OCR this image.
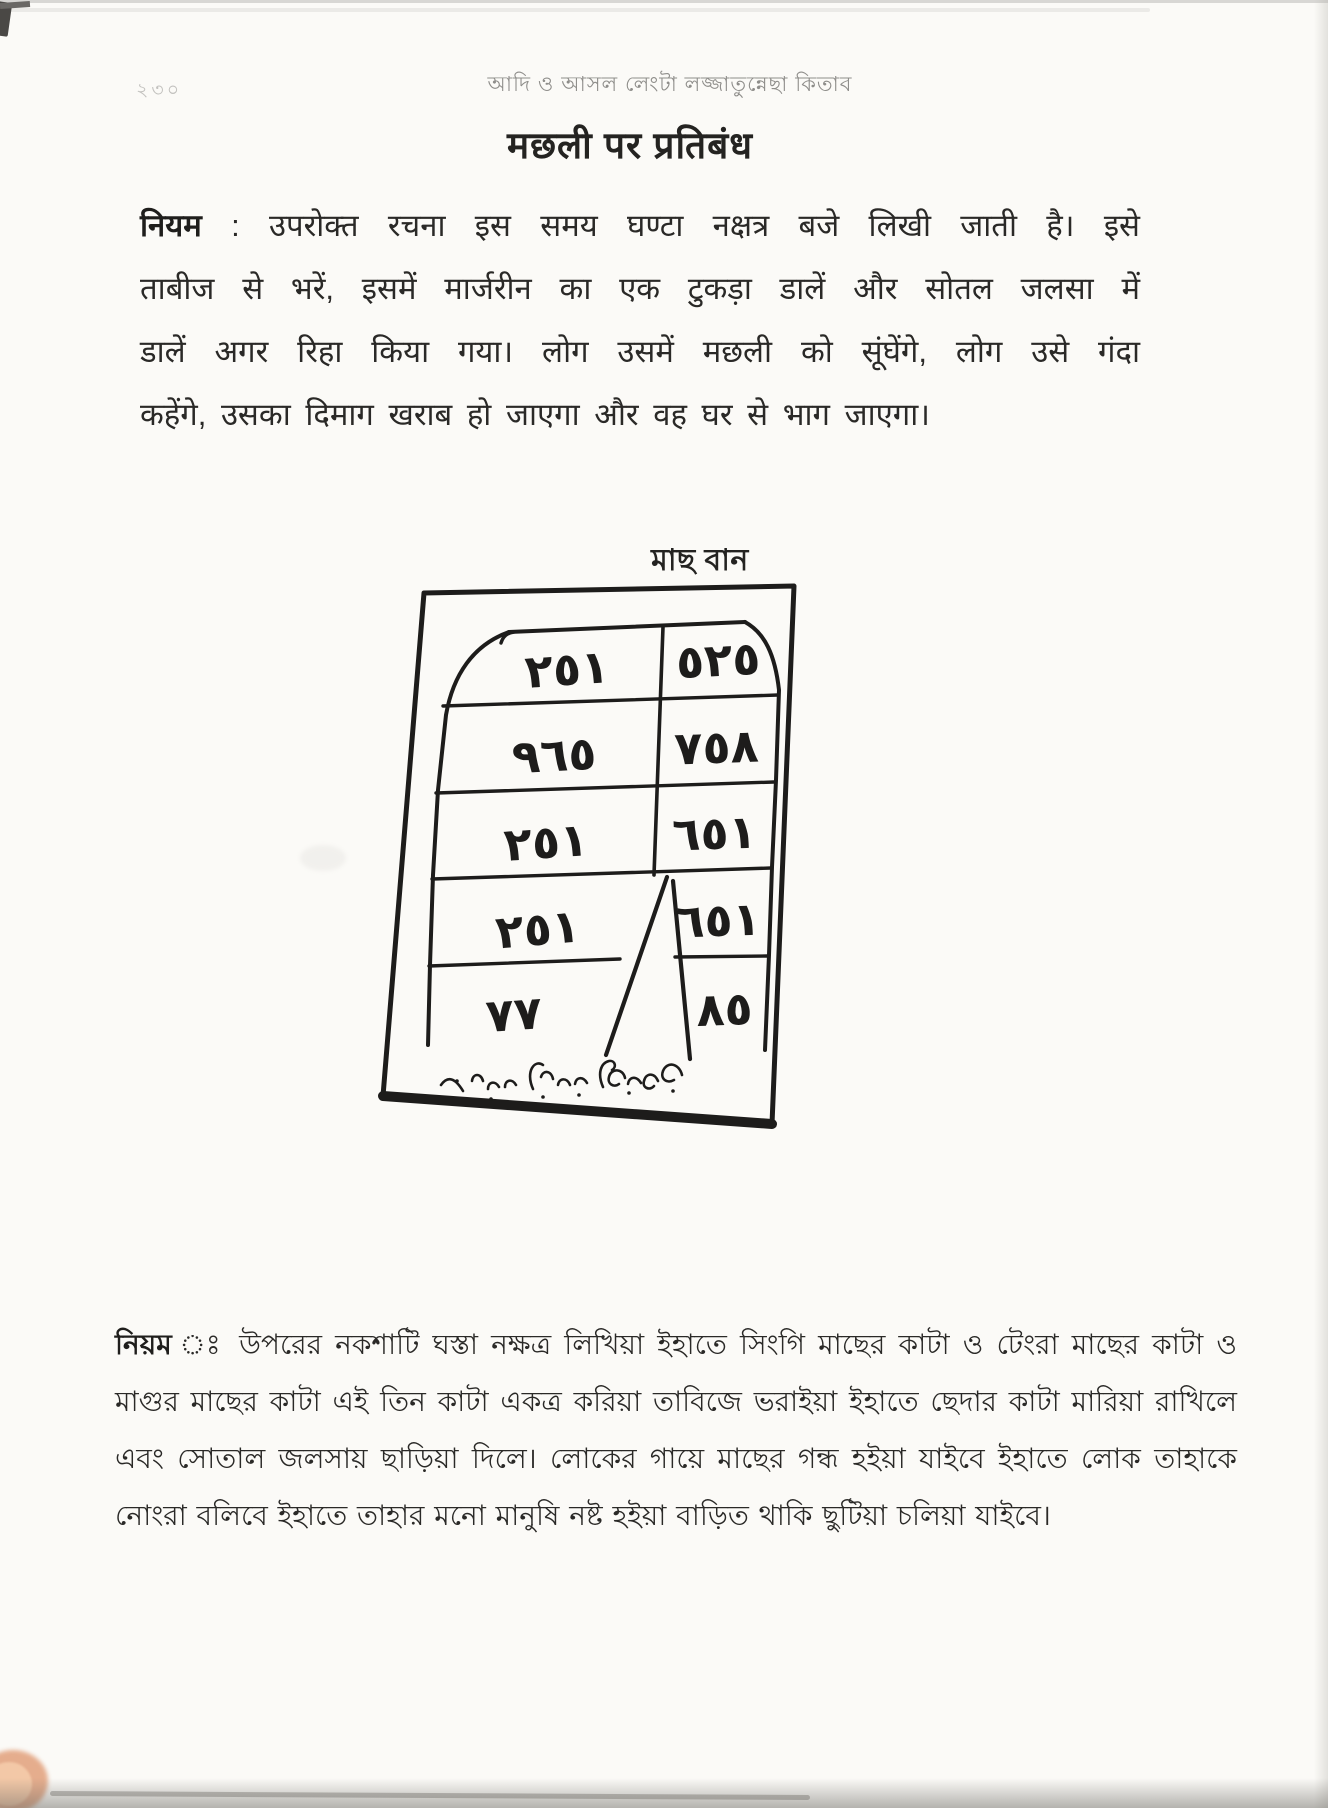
২৩০	আদি ও আসল লেংটা লজ্জাতুন্নেছা কিতাব
मछली पर प्रतिबंध
नियम : उपरोक्त रचना इस समय घण्टा नक्षत्र बजे लिखी जाती है। इसे
ताबीज से भरें, इसमें मार्जरीन का एक टुकड़ा डालें और सोतल जलसा में
डालें अगर रिहा किया गया। लोग उसमें मछली को सूंघेंगे, लोग उसे गंदा
कहेंगे, उसका दिमाग खराब हो जाएगा और वह घर से भाग जाएगा।
মাছ বান
٢٥١ ٥٢٥
٩٦٥ ٧٥٨
٢٥١ ٦٥١
٢٥١ ٦٥١
٧٧	٨٥
নিয়ম ঃ উপরের নকশাটি ঘস্তা নক্ষত্র লিখিয়া ইহাতে সিংগি মাছের কাটা ও টেংরা মাছের কাটা ও
মাগুর মাছের কাটা এই তিন কাটা একত্র করিয়া তাবিজে ভরাইয়া ইহাতে ছেদার কাটা মারিয়া রাখিলে
এবং সোতাল জলসায় ছাড়িয়া দিলে। লোকের গায়ে মাছের গন্ধ হইয়া যাইবে ইহাতে লোক তাহাকে
নোংরা বলিবে ইহাতে তাহার মনো মানুষি নষ্ট হইয়া বাড়িত থাকি ছুটিয়া চলিয়া যাইবে।
